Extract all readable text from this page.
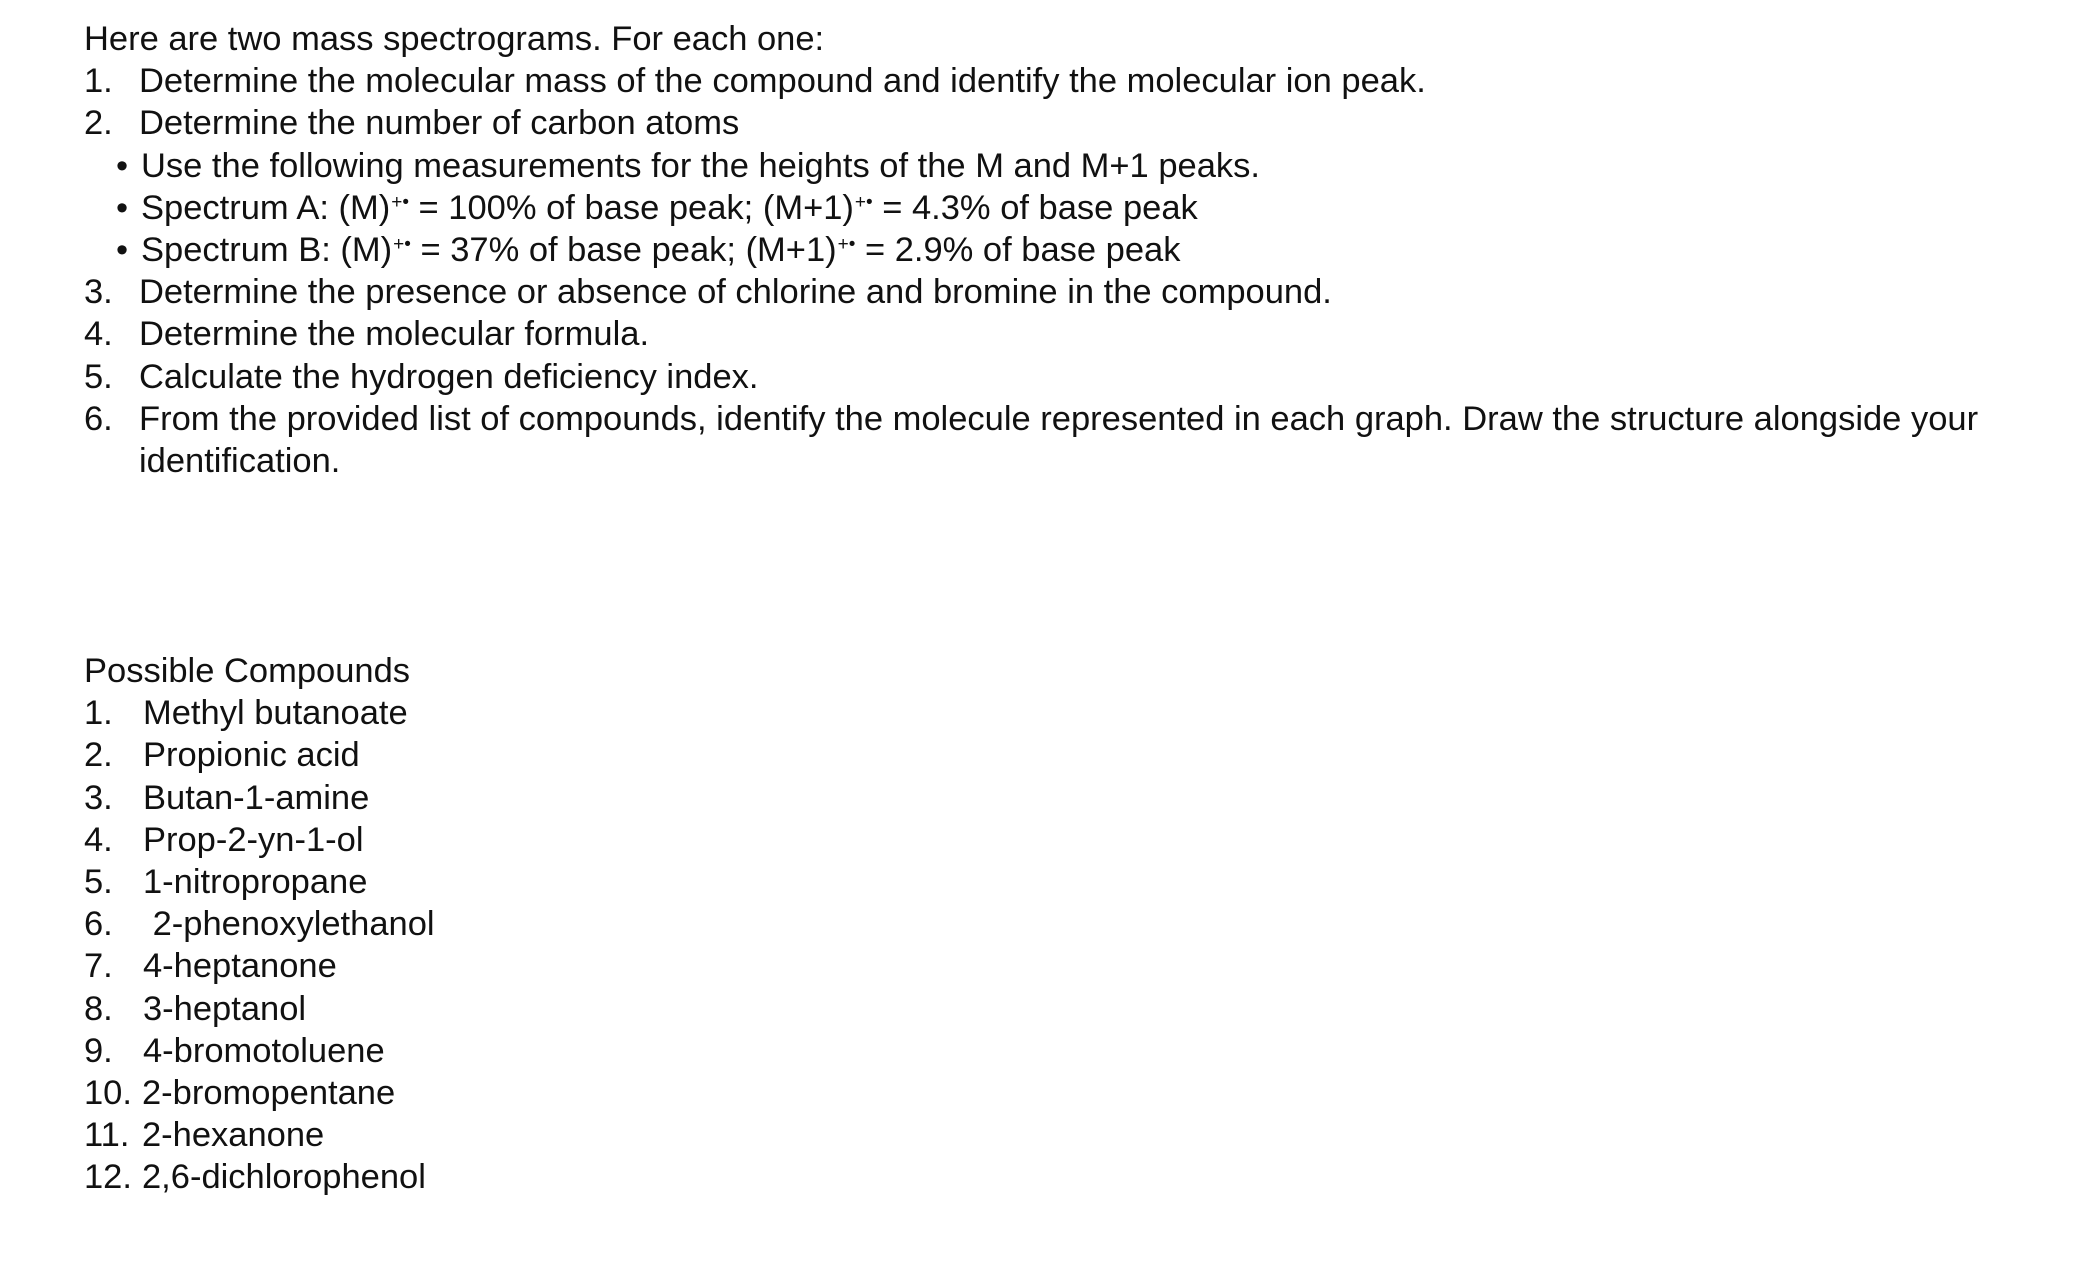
Here are two mass spectrograms. For each one:
1. Determine the molecular mass of the compound and identify the molecular ion peak.
2. Determine the number of carbon atoms
• Use the following measurements for the heights of the M and M+1 peaks.
• Spectrum A: (M)+• = 100% of base peak; (M+1)+• = 4.3% of base peak
• Spectrum B: (M)+• = 37% of base peak; (M+1)+• = 2.9% of base peak
3. Determine the presence or absence of chlorine and bromine in the compound.
4. Determine the molecular formula.
5. Calculate the hydrogen deficiency index.
6. From the provided list of compounds, identify the molecule represented in each graph. Draw the structure alongside your
identification.
Possible Compounds
1. Methyl butanoate
2. Propionic acid
3. Butan-1-amine
4. Prop-2-yn-1-ol
5. 1-nitropropane
6. 2-phenoxylethanol
7. 4-heptanone
8. 3-heptanol
9. 4-bromotoluene
10. 2-bromopentane
11. 2-hexanone
12. 2,6-dichlorophenol
